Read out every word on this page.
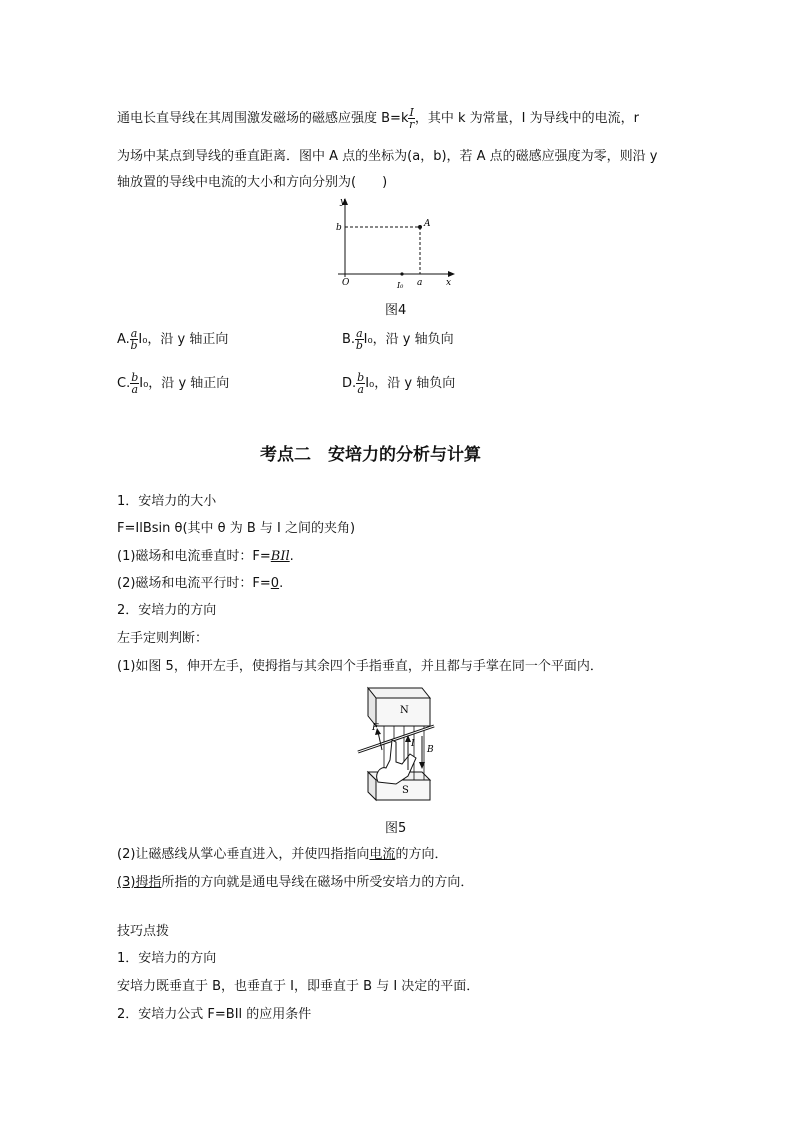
通电长直导线在其周围激发磁场的磁感应强度 $B=k \frac{I}{r}$ ，其中 k 为常量，I 为导线中的电流，r
为场中某点到导线的垂直距离．图中 A 点的坐标为(a，b)，若 A 点的磁感应强度为零，则沿 y
轴放置的导线中电流的大小和方向分别为(　　)
y
x
O
b
a
A
I₀
图4
A. $\frac{a}{b} I_0$，沿 y 轴正向	B. $\frac{a}{b} I_0$，沿 y 轴负向
C. $\frac{b}{a} I_0$，沿 y 轴正向	D. $\frac{b}{a} I_0$，沿 y 轴负向
考点二　安培力的分析与计算
1．安培力的大小
F=IlBsin θ(其中 θ 为 B 与 I 之间的夹角)
(1)磁场和电流垂直时：F=BIl.
(2)磁场和电流平行时：F=0.
2．安培力的方向
左手定则判断：
(1)如图 5，伸开左手，使拇指与其余四个手指垂直，并且都与手掌在同一个平面内．
N
S
F
I
B
图5
(2)让磁感线从掌心垂直进入，并使四指指向电流的方向．
(3)拇指所指的方向就是通电导线在磁场中所受安培力的方向．
技巧点拨
1．安培力的方向
安培力既垂直于 B，也垂直于 I，即垂直于 B 与 I 决定的平面．
2．安培力公式 F=BIl 的应用条件
